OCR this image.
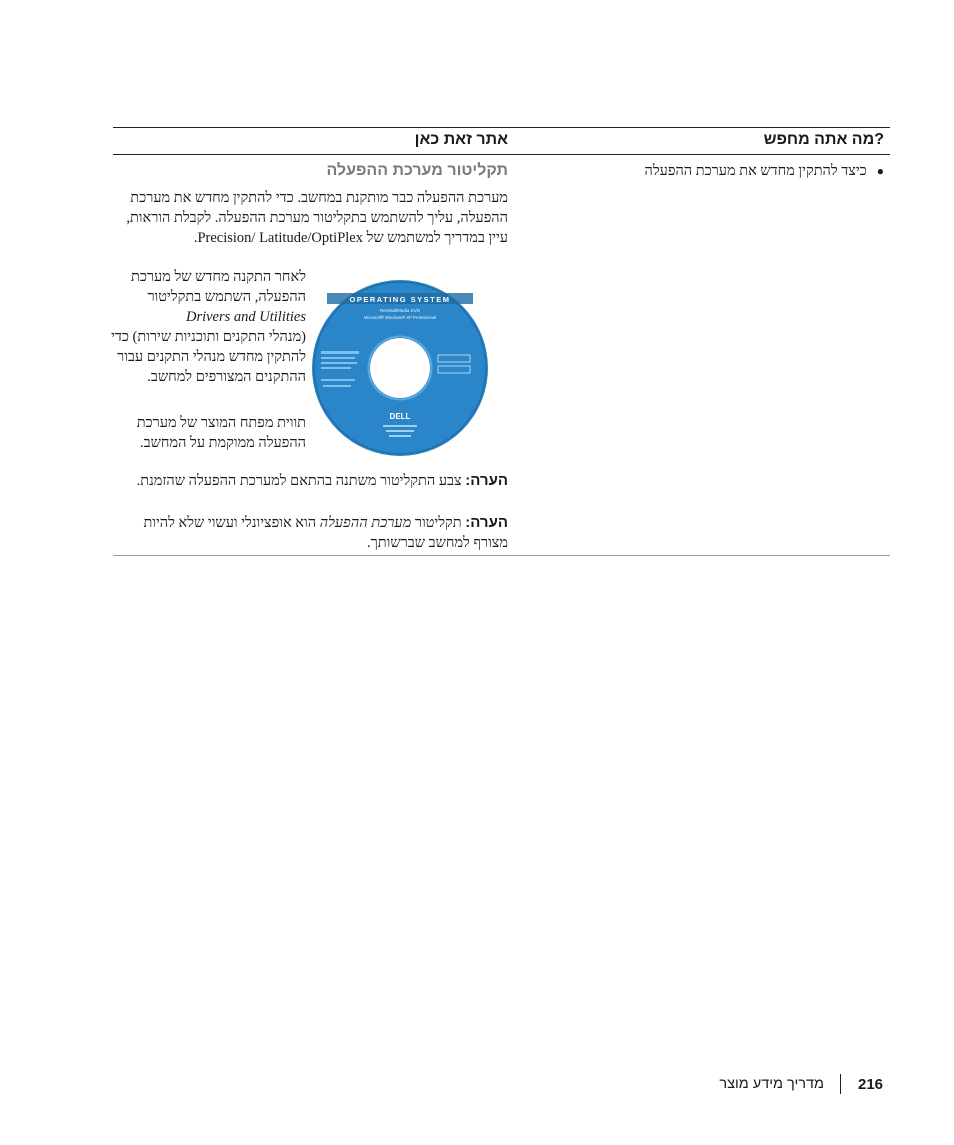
?מה אתה מחפש
אתר זאת כאן
●כיצד להתקין מחדש את מערכת ההפעלה
תקליטור מערכת ההפעלה
מערכת ההפעלה כבר מותקנת במחשב. כדי להתקין מחדש את מערכת ההפעלה, עליך להשתמש בתקליטור מערכת ההפעלה. לקבלת הוראות, עיין במדריך למשתמש של Precision/ Latitude/OptiPlex.
OPERATING SYSTEM
ReinstallMedia DVD
Microsoft® Windows® XP Professional
DELL
לאחר התקנה מחדש של מערכת ההפעלה, השתמש בתקליטור
Drivers and Utilities
(מנהלי התקנים ותוכניות שירות) כדי להתקין מחדש מנהלי התקנים עבור ההתקנים המצורפים למחשב.
תווית מפתח המוצר של מערכת ההפעלה ממוקמת על המחשב.
הערה: צבע התקליטור משתנה בהתאם למערכת ההפעלה שהזמנת.
הערה: תקליטור מערכת ההפעלה הוא אופציונלי ועשוי שלא להיות מצורף למחשב שברשותך.
מדריך מידע מוצר 216
